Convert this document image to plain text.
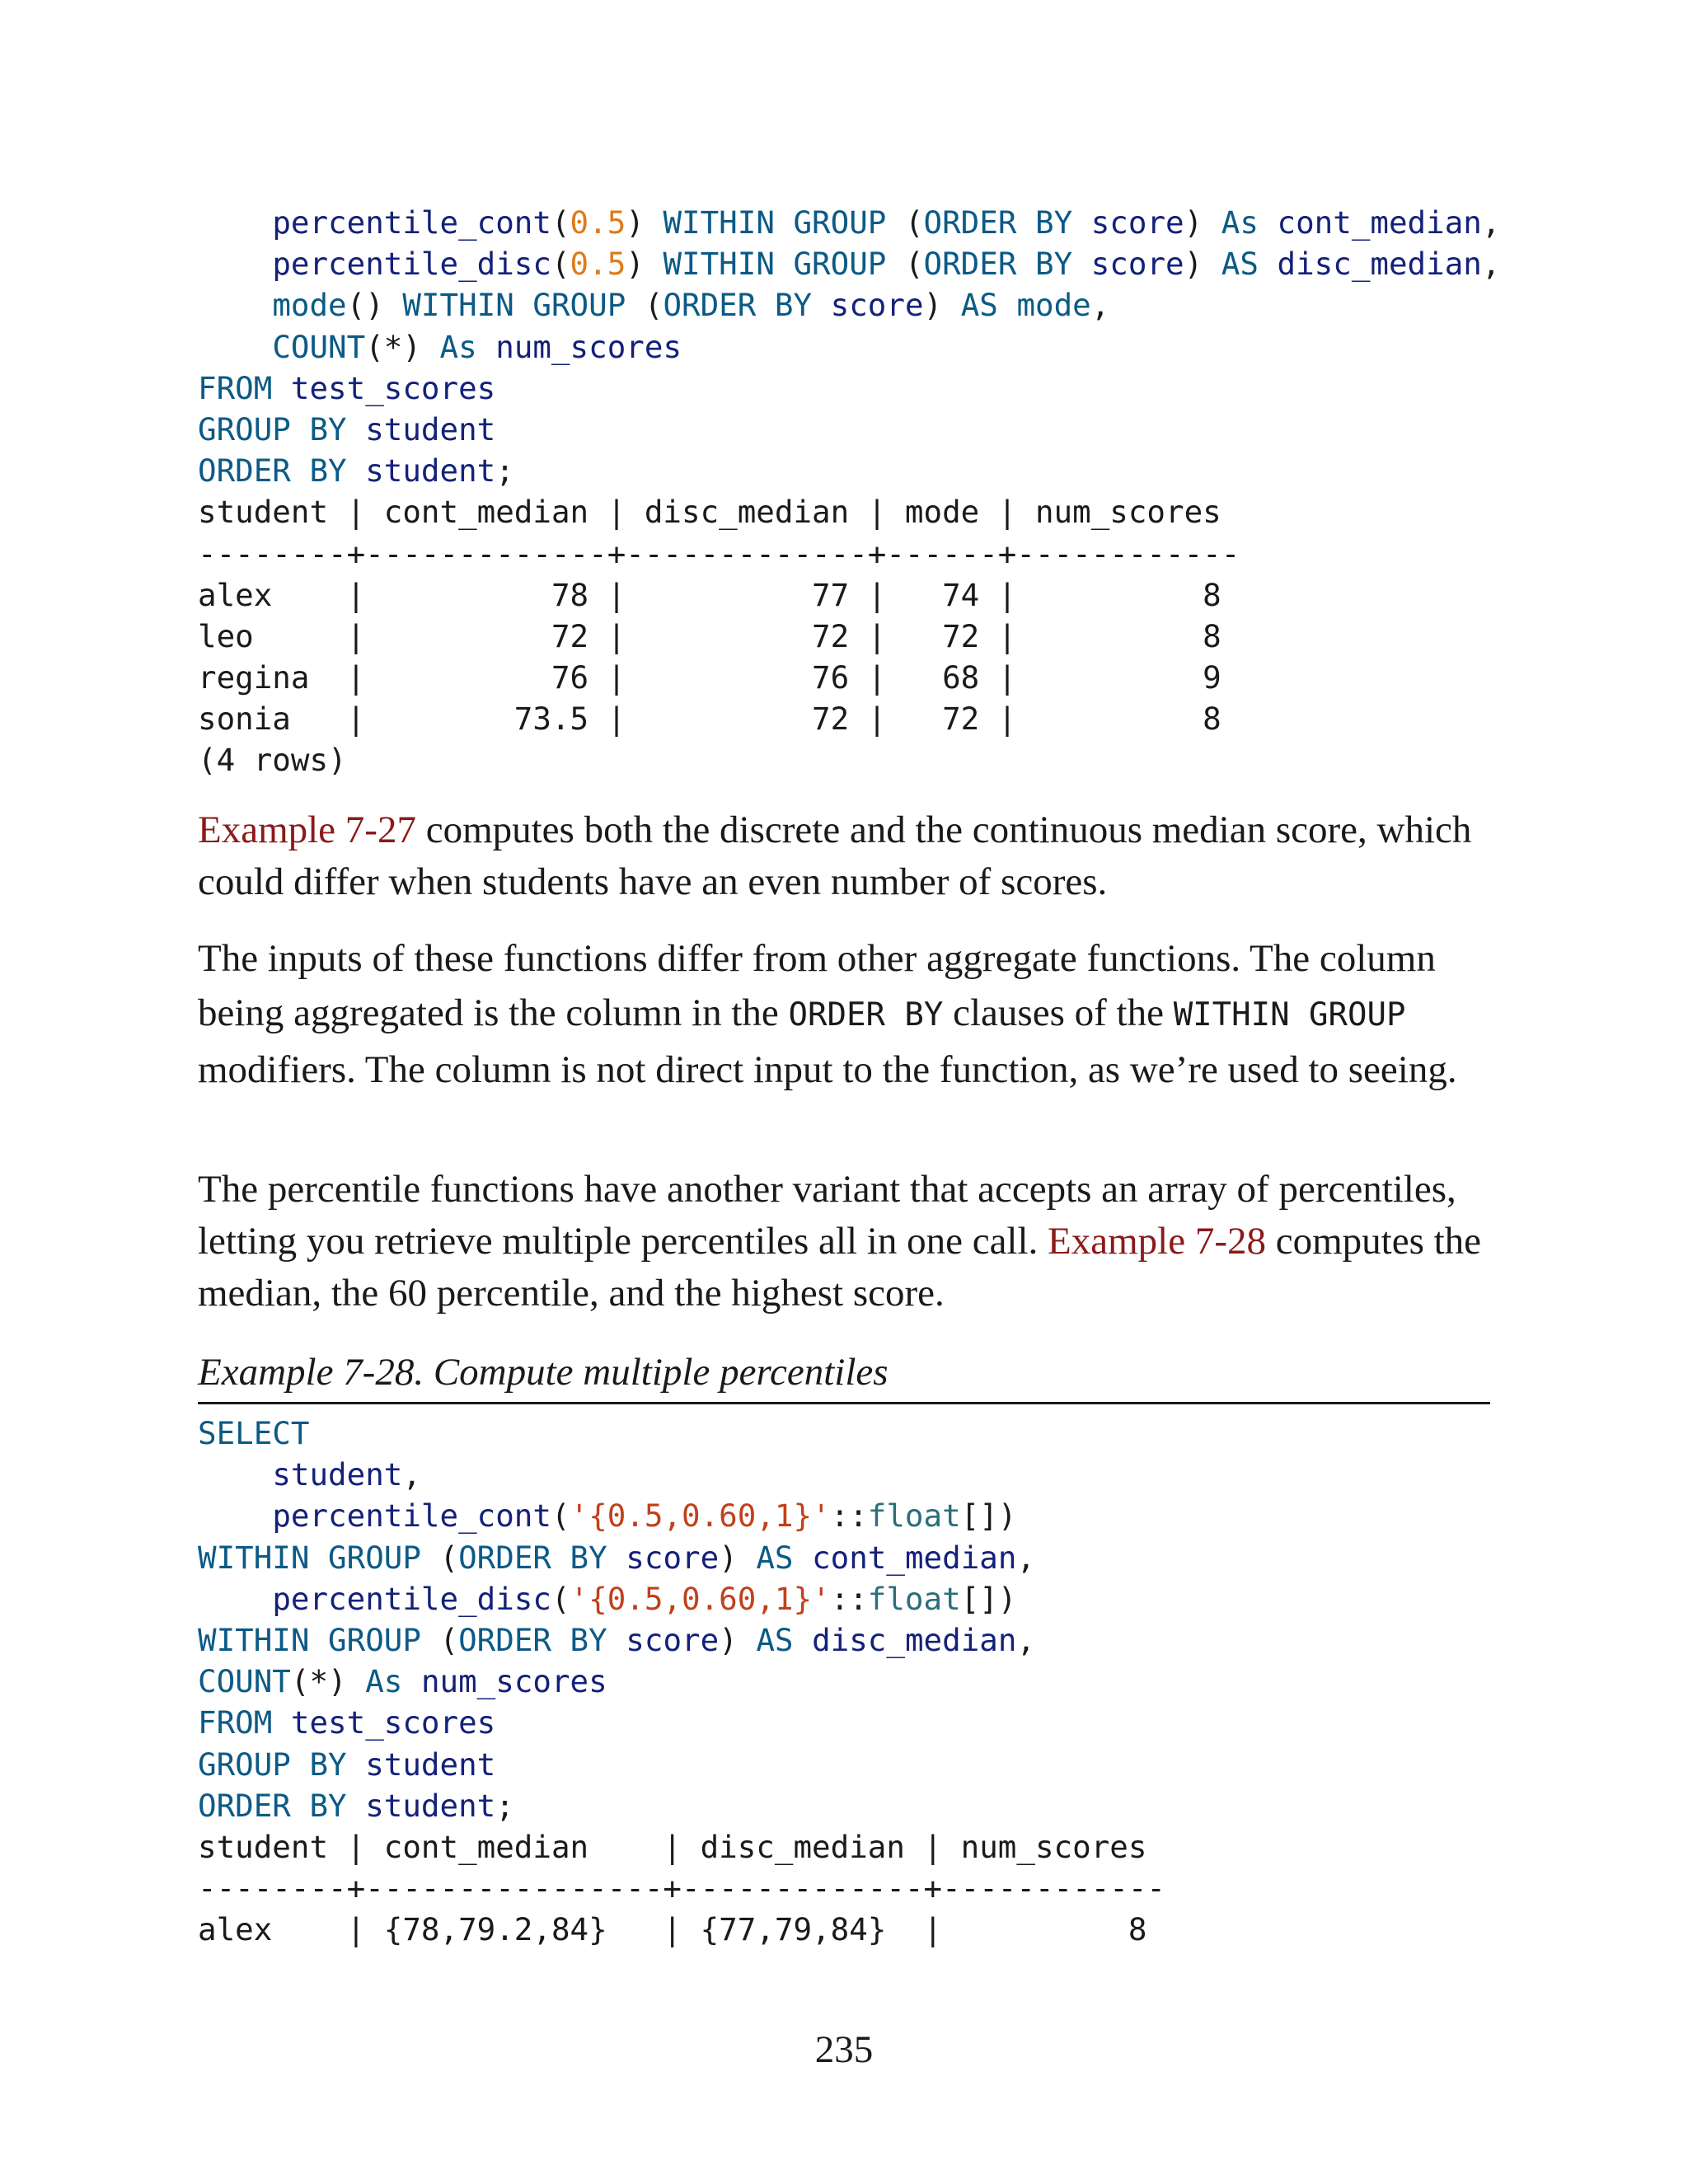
percentile_cont(0.5) WITHIN GROUP (ORDER BY score) As cont_median,
percentile_disc(0.5) WITHIN GROUP (ORDER BY score) AS disc_median,
mode() WITHIN GROUP (ORDER BY score) AS mode,
COUNT(*) As num_scores
FROM test_scores
GROUP BY student
ORDER BY student;
student | cont_median | disc_median | mode | num_scores
--------+-------------+-------------+------+------------
alex    |          78 |          77 |   74 |          8
leo     |          72 |          72 |   72 |          8
regina  |          76 |          76 |   68 |          9
sonia   |        73.5 |          72 |   72 |          8
(4 rows)

Example 7-27 computes both the discrete and the continuous median score, which could differ when students have an even number of scores.

The inputs of these functions differ from other aggregate functions. The column being aggregated is the column in the ORDER BY clauses of the WITHIN GROUP modifiers. The column is not direct input to the function, as we’re used to seeing.

The percentile functions have another variant that accepts an array of percentiles, letting you retrieve multiple percentiles all in one call. Example 7-28 computes the median, the 60 percentile, and the highest score.

Example 7-28. Compute multiple percentiles

SELECT
student,
percentile_cont('{0.5,0.60,1}'::float[])
WITHIN GROUP (ORDER BY score) AS cont_median,
percentile_disc('{0.5,0.60,1}'::float[])
WITHIN GROUP (ORDER BY score) AS disc_median,
COUNT(*) As num_scores
FROM test_scores
GROUP BY student
ORDER BY student;
student | cont_median    | disc_median | num_scores
--------+----------------+-------------+------------
alex    | {78,79.2,84}   | {77,79,84}  |          8
235
